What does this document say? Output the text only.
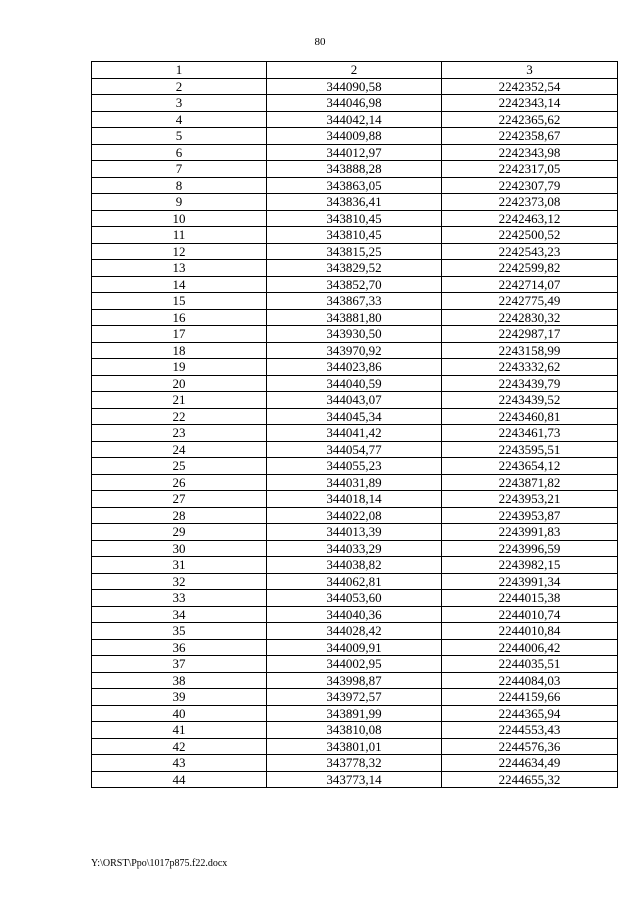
80
1	2	3
2	344090,58	2242352,54
3	344046,98	2242343,14
4	344042,14	2242365,62
5	344009,88	2242358,67
6	344012,97	2242343,98
7	343888,28	2242317,05
8	343863,05	2242307,79
9	343836,41	2242373,08
10	343810,45	2242463,12
11	343810,45	2242500,52
12	343815,25	2242543,23
13	343829,52	2242599,82
14	343852,70	2242714,07
15	343867,33	2242775,49
16	343881,80	2242830,32
17	343930,50	2242987,17
18	343970,92	2243158,99
19	344023,86	2243332,62
20	344040,59	2243439,79
21	344043,07	2243439,52
22	344045,34	2243460,81
23	344041,42	2243461,73
24	344054,77	2243595,51
25	344055,23	2243654,12
26	344031,89	2243871,82
27	344018,14	2243953,21
28	344022,08	2243953,87
29	344013,39	2243991,83
30	344033,29	2243996,59
31	344038,82	2243982,15
32	344062,81	2243991,34
33	344053,60	2244015,38
34	344040,36	2244010,74
35	344028,42	2244010,84
36	344009,91	2244006,42
37	344002,95	2244035,51
38	343998,87	2244084,03
39	343972,57	2244159,66
40	343891,99	2244365,94
41	343810,08	2244553,43
42	343801,01	2244576,36
43	343778,32	2244634,49
44	343773,14	2244655,32
Y:\ORST\Ppo\1017p875.f22.docx
